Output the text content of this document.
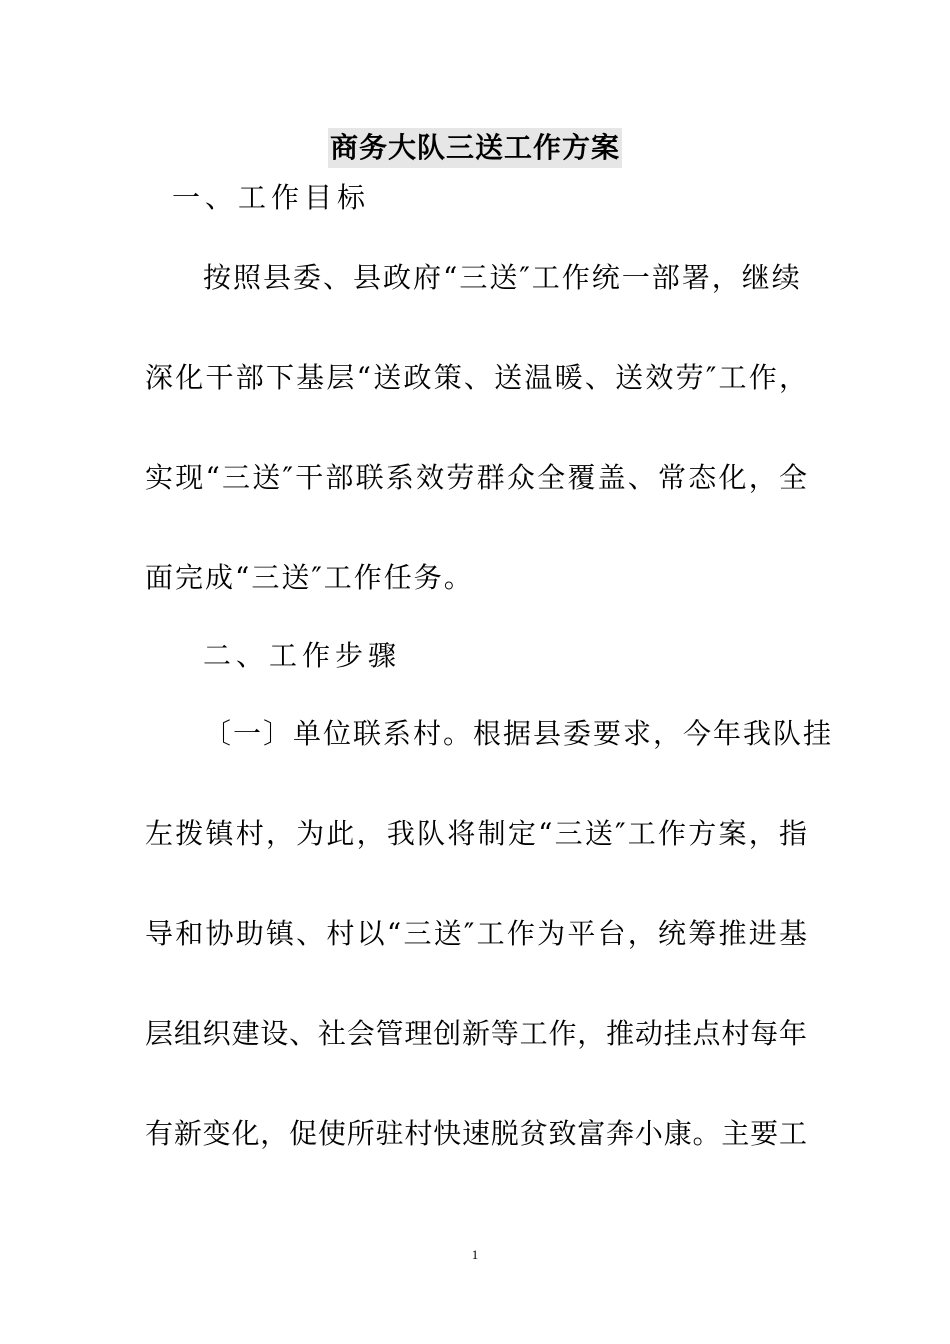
商务大队三送工作方案
一、工作目标
按照县委、县政府“三送″工作统一部署，继续
深化干部下基层“送政策、送温暖、送效劳″工作，
实现“三送″干部联系效劳群众全覆盖、常态化，全
面完成“三送″工作任务。
二、工作步骤
〔一〕单位联系村。根据县委要求，今年我队挂
左拨镇村，为此，我队将制定“三送″工作方案，指
导和协助镇、村以“三送″工作为平台，统筹推进基
层组织建设、社会管理创新等工作，推动挂点村每年
有新变化，促使所驻村快速脱贫致富奔小康。主要工
1
